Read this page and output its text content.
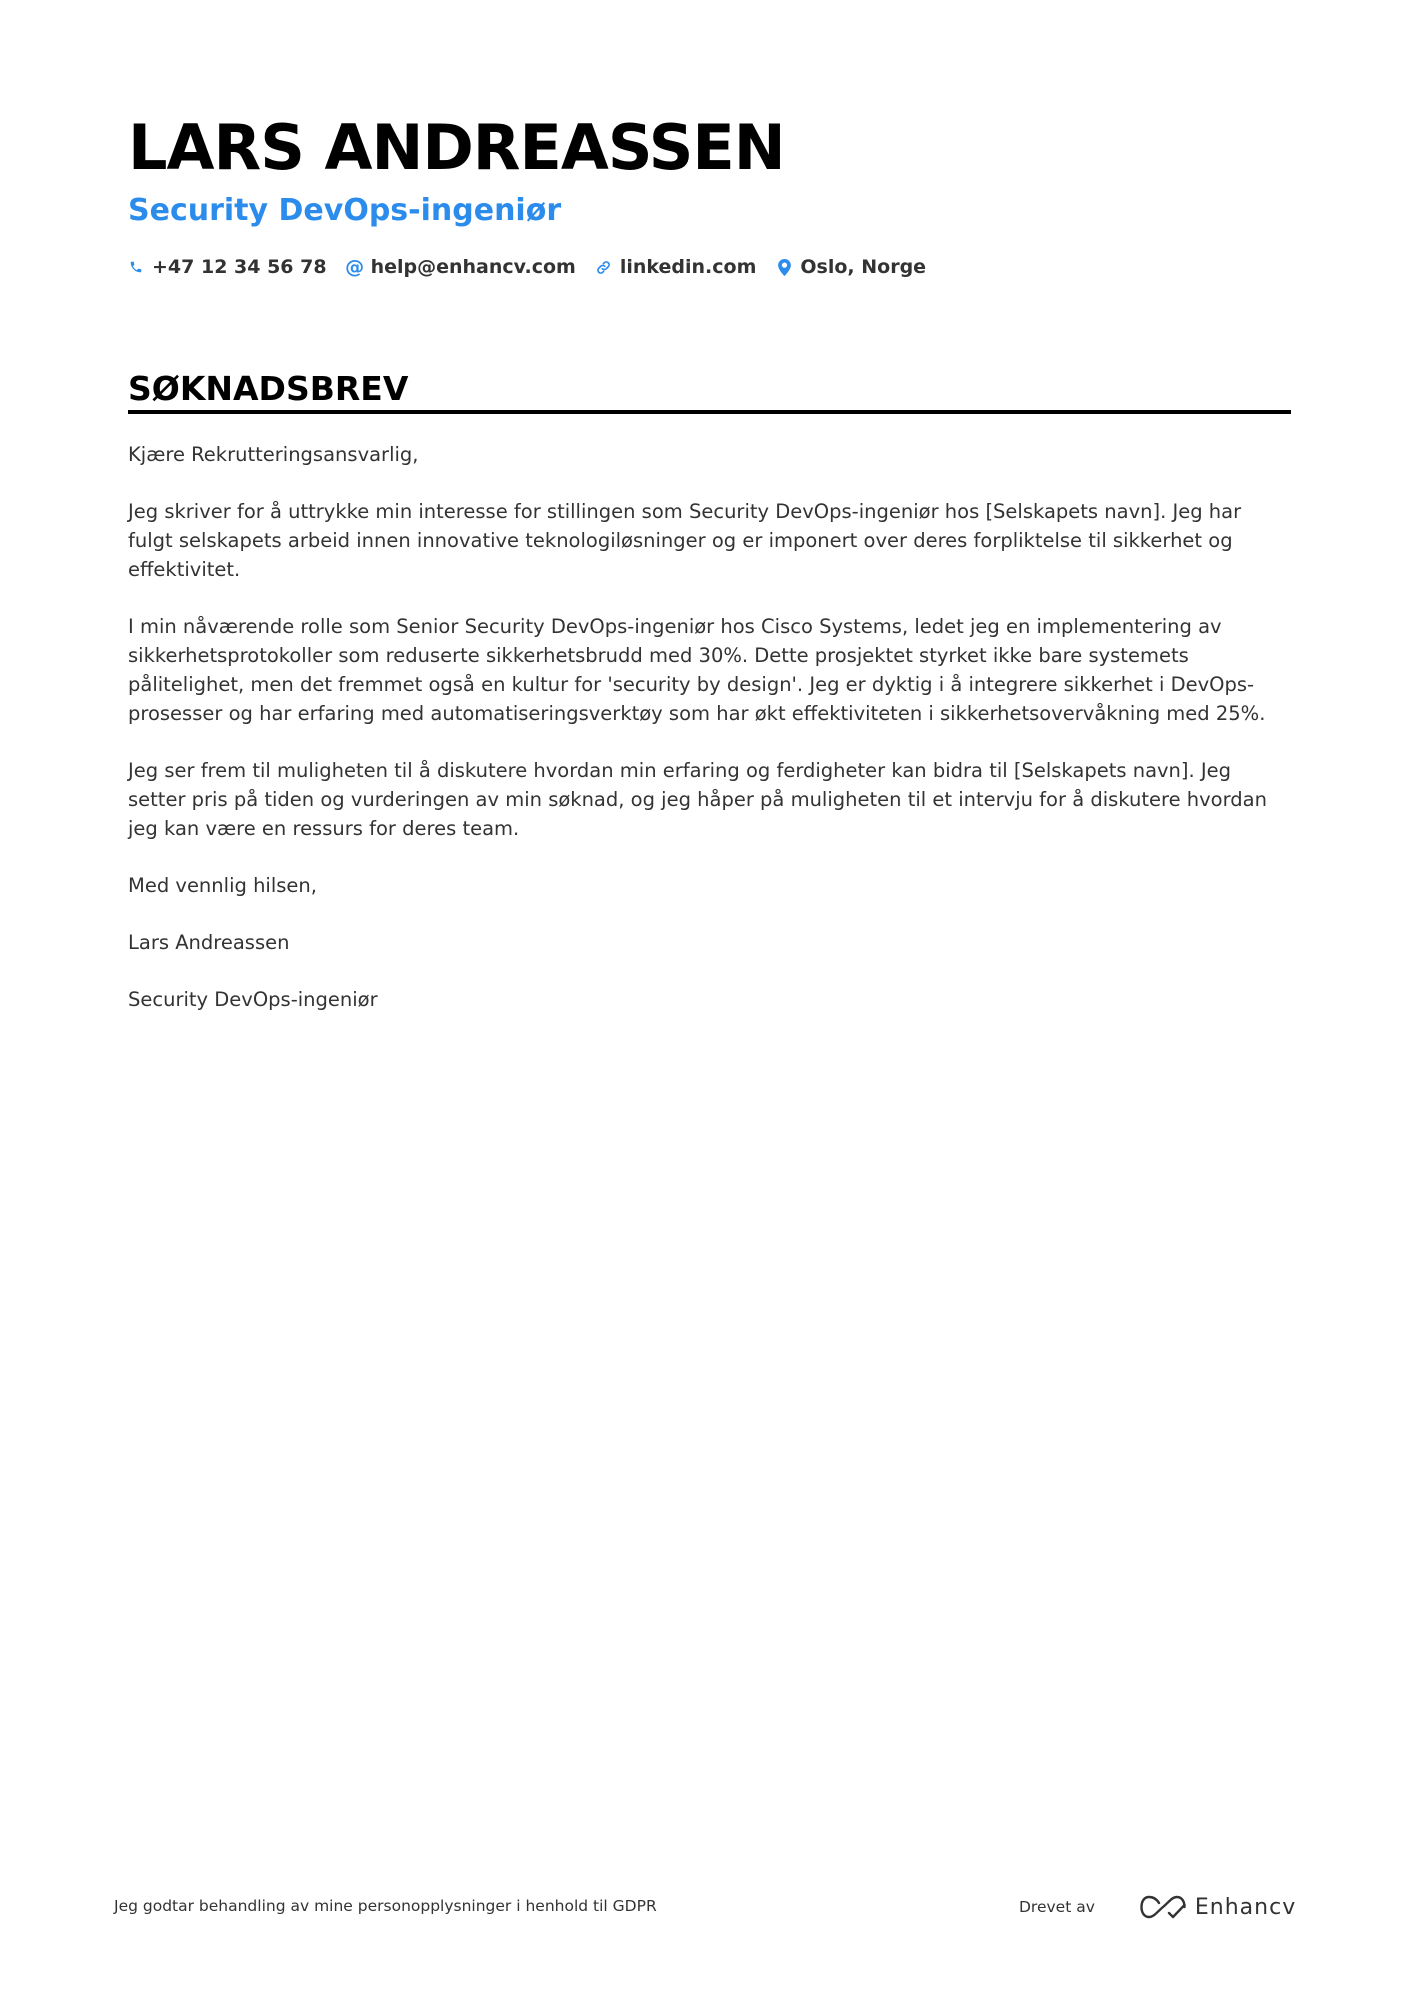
LARS ANDREASSEN
Security DevOps-ingeniør
+47 12 34 56 78 @ help@enhancv.com linkedin.com Oslo, Norge
SØKNADSBREV

Kjære Rekrutteringsansvarlig,

Jeg skriver for å uttrykke min interesse for stillingen som Security DevOps-ingeniør hos [Selskapets navn]. Jeg har fulgt selskapets arbeid innen innovative teknologiløsninger og er imponert over deres forpliktelse til sikkerhet og effektivitet.

I min nåværende rolle som Senior Security DevOps-ingeniør hos Cisco Systems, ledet jeg en implementering av sikkerhetsprotokoller som reduserte sikkerhetsbrudd med 30%. Dette prosjektet styrket ikke bare systemets pålitelighet, men det fremmet også en kultur for 'security by design'. Jeg er dyktig i å integrere sikkerhet i DevOps-prosesser og har erfaring med automatiseringsverktøy som har økt effektiviteten i sikkerhetsovervåkning med 25%.

Jeg ser frem til muligheten til å diskutere hvordan min erfaring og ferdigheter kan bidra til [Selskapets navn]. Jeg setter pris på tiden og vurderingen av min søknad, og jeg håper på muligheten til et intervju for å diskutere hvordan jeg kan være en ressurs for deres team.

Med vennlig hilsen,

Lars Andreassen

Security DevOps-ingeniør

Jeg godtar behandling av mine personopplysninger i henhold til GDPR	Drevet av	Enhancv
